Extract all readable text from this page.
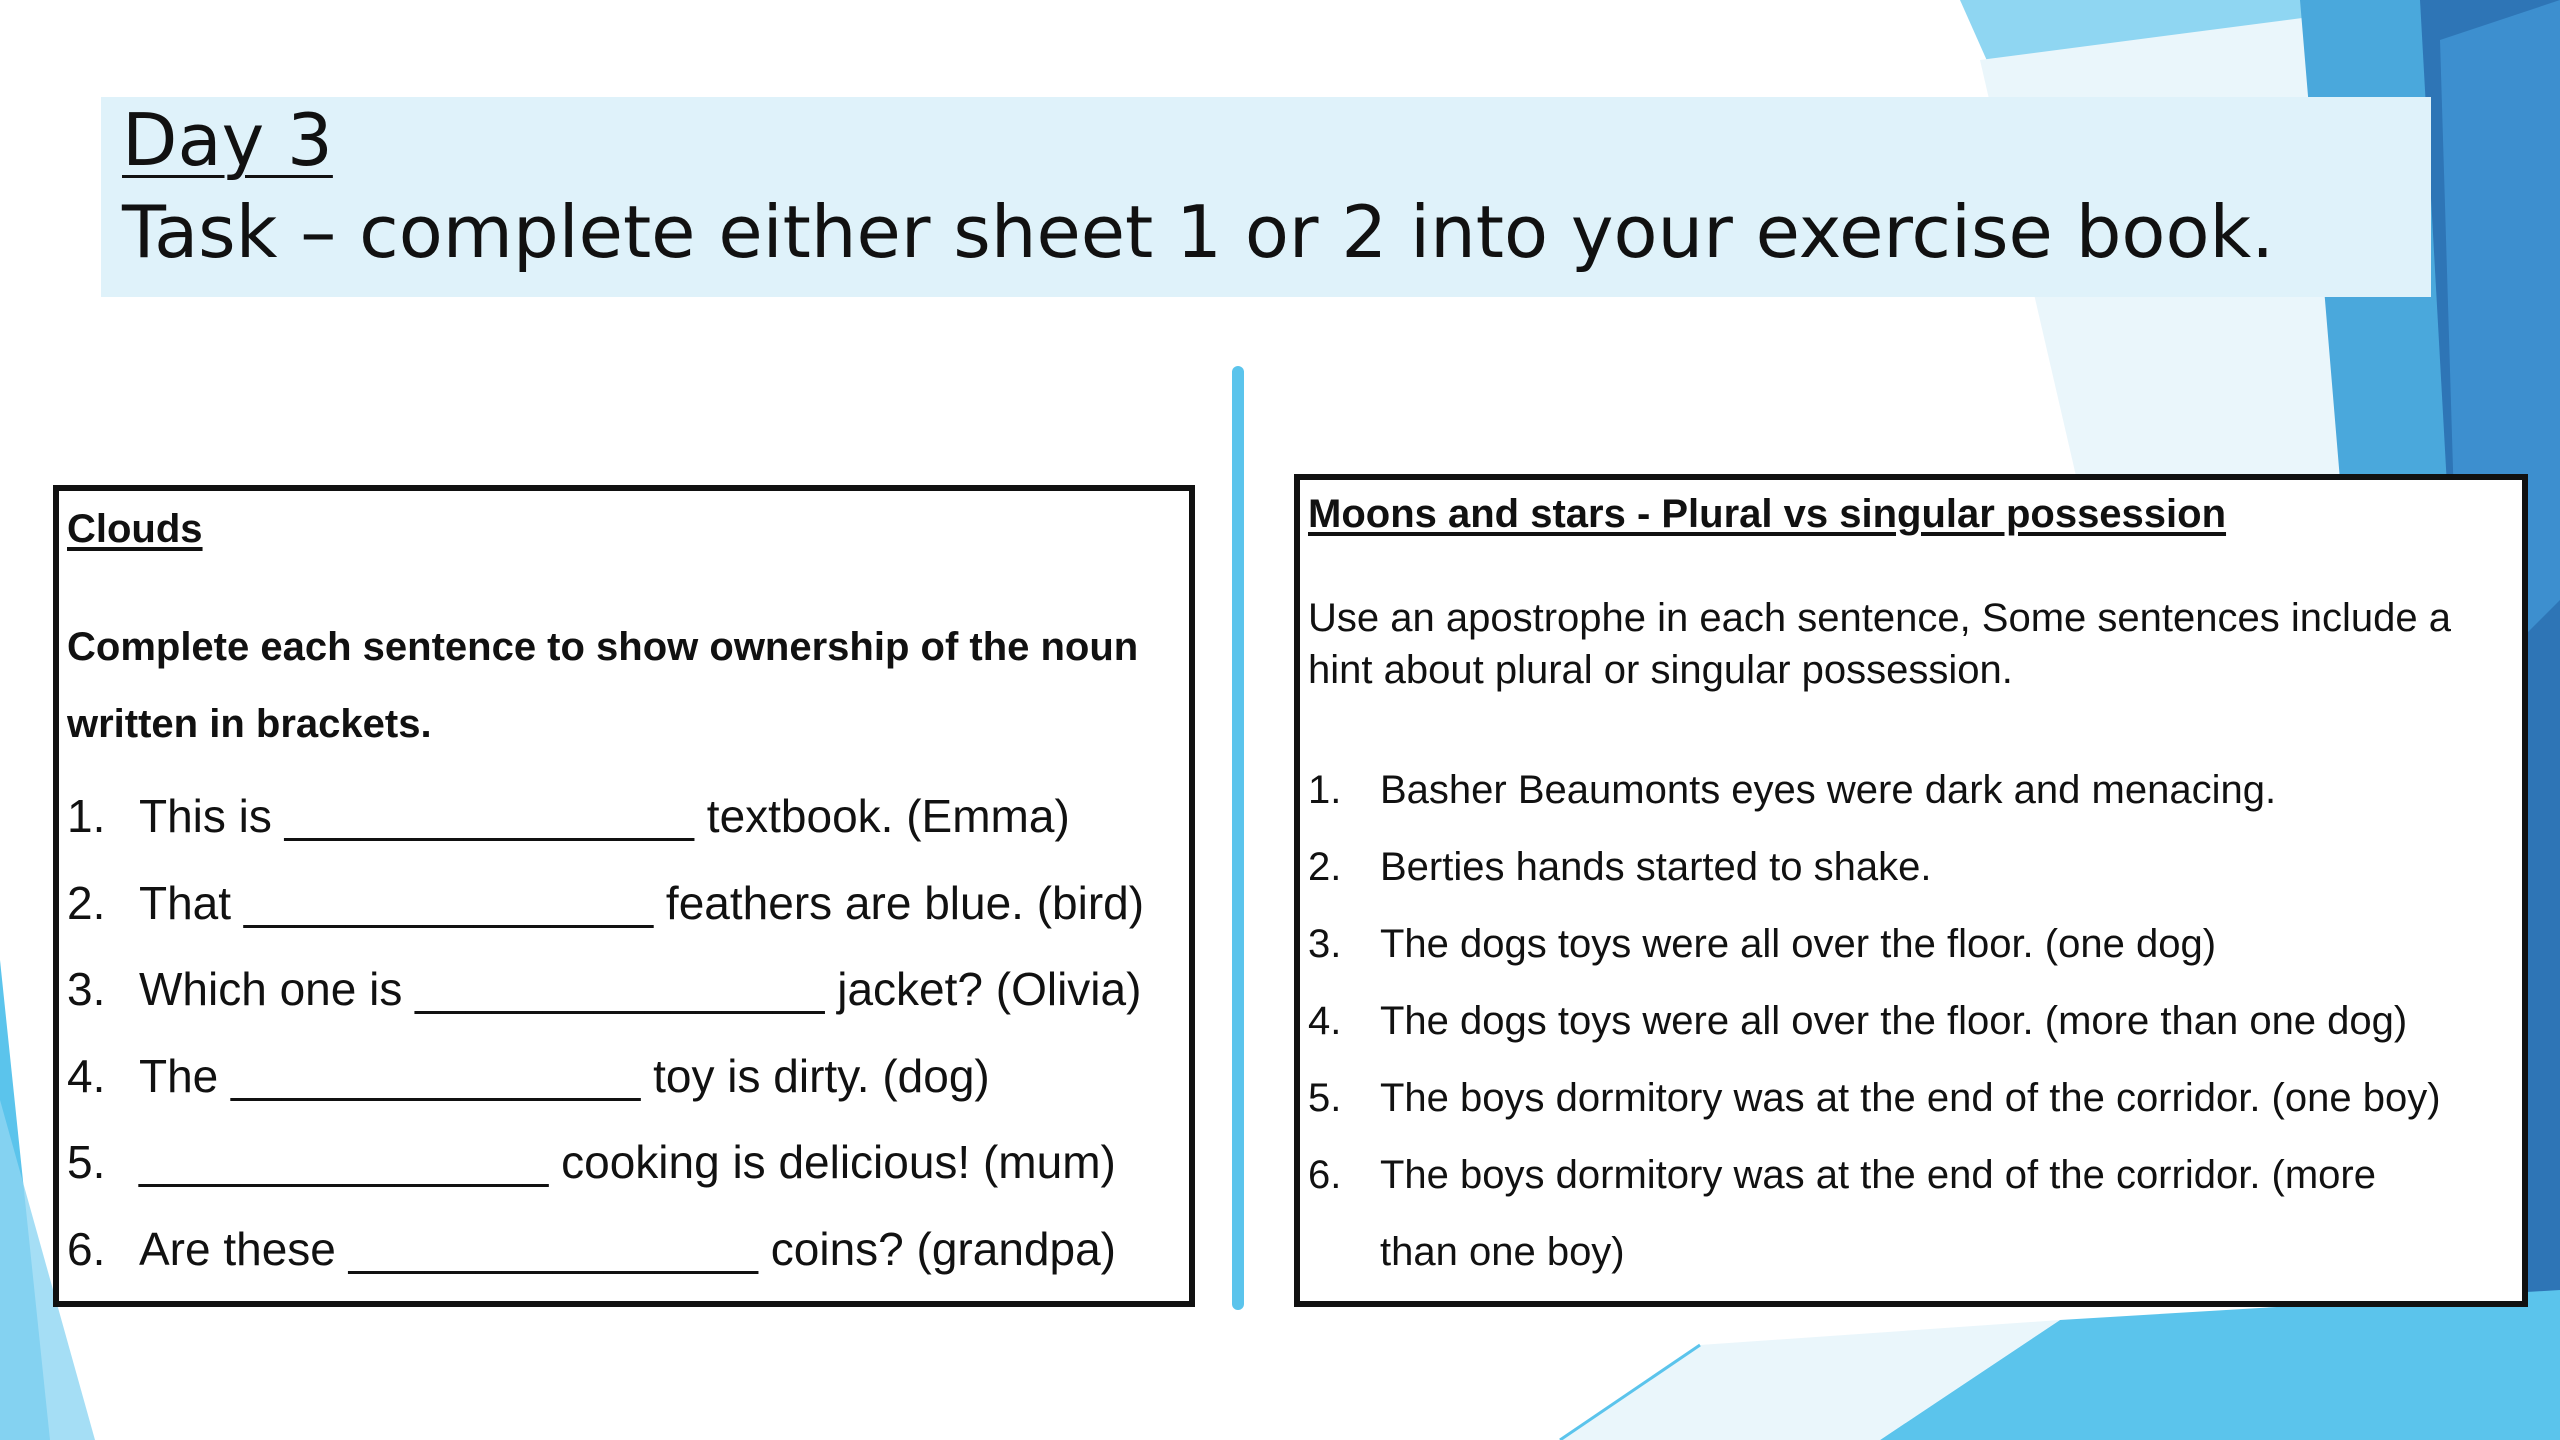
Day 3
Task – complete either sheet 1 or 2 into your exercise book.
Clouds
Complete each sentence to show ownership of the noun written in brackets.
1. This is ________________ textbook. (Emma)
2. That ________________ feathers are blue. (bird)
3. Which one is ________________ jacket? (Olivia)
4. The ________________ toy is dirty. (dog)
5. ________________ cooking is delicious! (mum)
6. Are these ________________ coins? (grandpa)
Moons and stars - Plural vs singular possession
Use an apostrophe in each sentence, Some sentences include a hint about plural or singular possession.
1. Basher Beaumonts eyes were dark and menacing.
2. Berties hands started to shake.
3. The dogs toys were all over the floor. (one dog)
4. The dogs toys were all over the floor. (more than one dog)
5. The boys dormitory was at the end of the corridor. (one boy)
6. The boys dormitory was at the end of the corridor. (more
than one boy)
